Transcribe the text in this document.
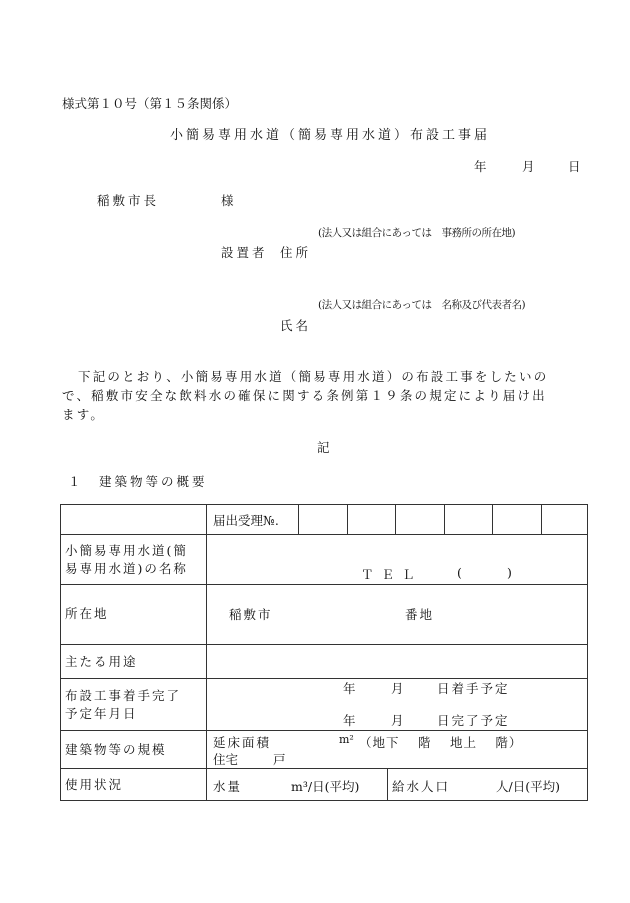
様式第１０号（第１５条関係）
小簡易専用水道（簡易専用水道）布設工事届
年	月	日
稲敷市長	様
(法人又は組合にあっては　事務所の所在地)
設置者 住所
(法人又は組合にあっては　名称及び代表者名)
氏名
下記のとおり、小簡易専用水道（簡易専用水道）の布設工事をしたいの
で、稲敷市安全な飲料水の確保に関する条例第１９条の規定により届け出
ます。
記
１　建築物等の概要

届出受理№.						

小簡易専用水道(簡
易専用水道)の名称	ＴＥＬ	(	)

所在地	稲敷市	番地

主たる用途	

布設工事着手完了
予定年月日

年	月	日着手予定
年	月	日完了予定

建築物等の規模	延床面積	m² （地下　 階　 地上　 階）
住宅	戸

使用状況	水量	m³/日(平均)	給水人口	人/日(平均)
